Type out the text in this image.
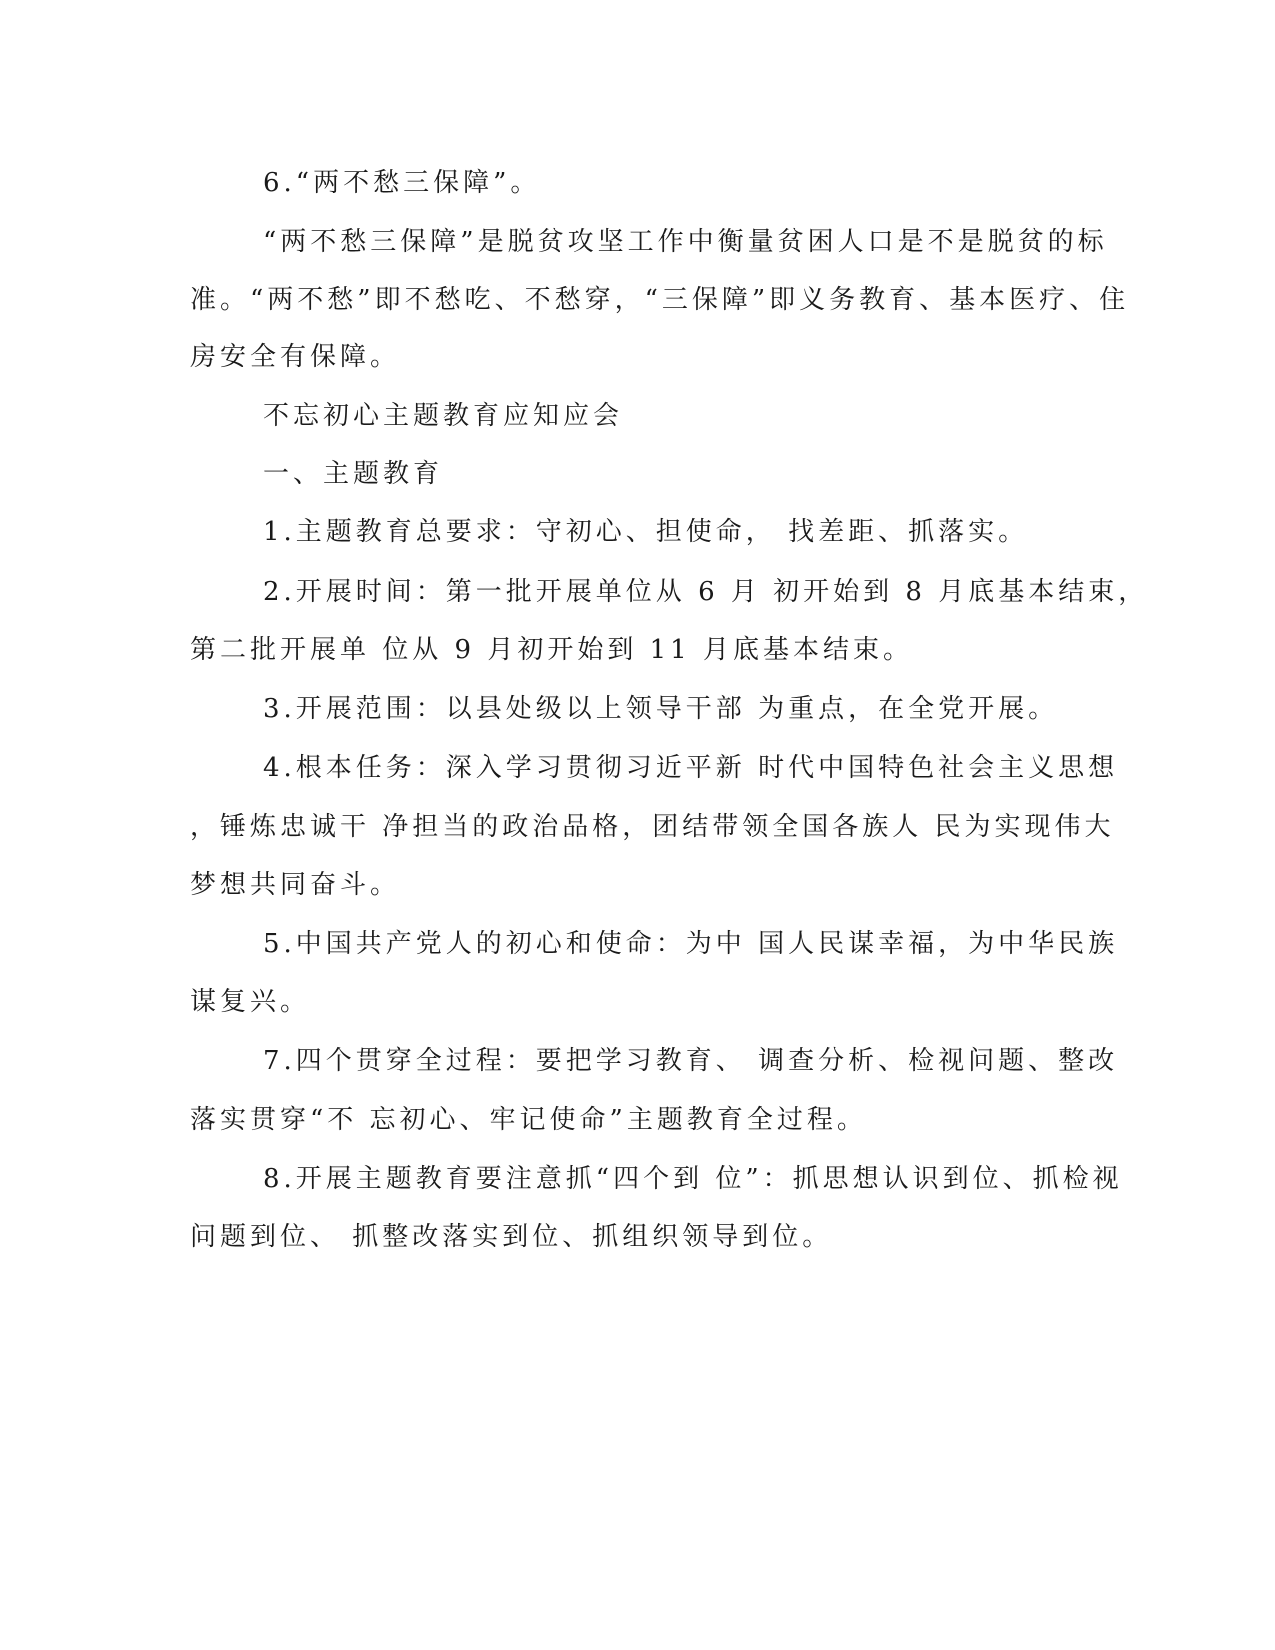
6.“两不愁三保障”。
“两不愁三保障”是脱贫攻坚工作中衡量贫困人口是不是脱贫的标
准。“两不愁”即不愁吃、不愁穿，“三保障”即义务教育、基本医疗、住
房安全有保障。
不忘初心主题教育应知应会
一、主题教育
1.主题教育总要求：守初心、担使命， 找差距、抓落实。
2.开展时间：第一批开展单位从 6 月 初开始到 8 月底基本结束，
第二批开展单 位从 9 月初开始到 11 月底基本结束。
3.开展范围：以县处级以上领导干部 为重点，在全党开展。
4.根本任务：深入学习贯彻习近平新 时代中国特色社会主义思想
，锤炼忠诚干 净担当的政治品格，团结带领全国各族人 民为实现伟大
梦想共同奋斗。
5.中国共产党人的初心和使命：为中 国人民谋幸福，为中华民族
谋复兴。
7.四个贯穿全过程：要把学习教育、 调查分析、检视问题、整改
落实贯穿“不 忘初心、牢记使命”主题教育全过程。
8.开展主题教育要注意抓“四个到 位”：抓思想认识到位、抓检视
问题到位、 抓整改落实到位、抓组织领导到位。
